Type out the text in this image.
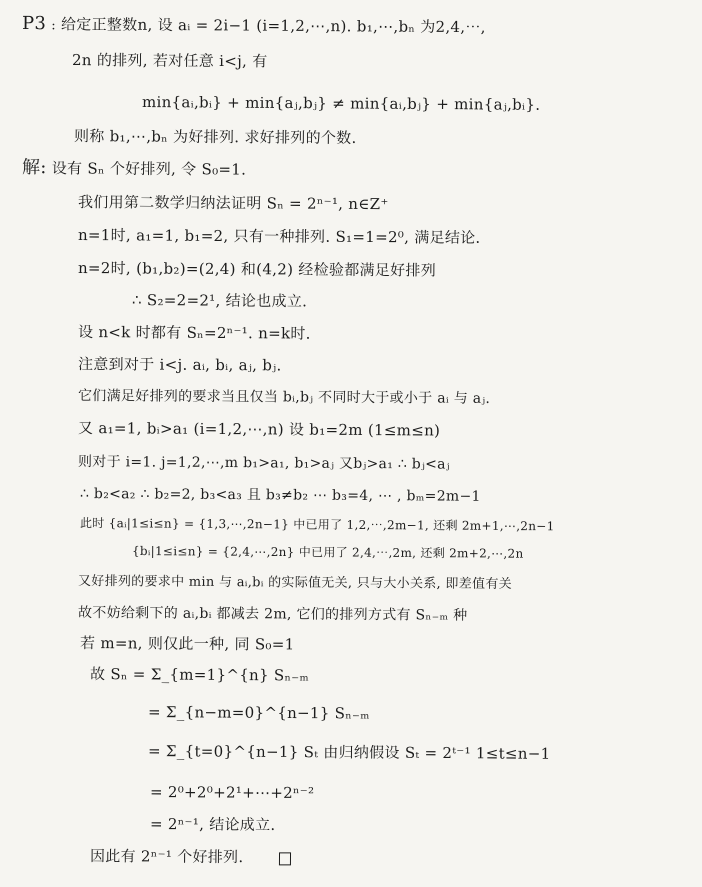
P3 : 给定正整数n, 设 aᵢ = 2i−1 (i=1,2,⋯,n). b₁,⋯,bₙ 为2,4,⋯,
2n 的排列, 若对任意 i<j, 有
min{aᵢ,bᵢ} + min{aⱼ,bⱼ} ≠ min{aᵢ,bⱼ} + min{aⱼ,bᵢ}.
则称 b₁,⋯,bₙ 为好排列. 求好排列的个数.
解: 设有 Sₙ 个好排列, 令 S₀=1.
我们用第二数学归纳法证明 Sₙ = 2ⁿ⁻¹, n∈Z⁺
n=1时, a₁=1, b₁=2, 只有一种排列. S₁=1=2⁰, 满足结论.
n=2时, (b₁,b₂)=(2,4) 和(4,2) 经检验都满足好排列
∴ S₂=2=2¹, 结论也成立.
设 n<k 时都有 Sₙ=2ⁿ⁻¹. n=k时.
注意到对于 i<j. aᵢ, bᵢ, aⱼ, bⱼ.
它们满足好排列的要求当且仅当 bᵢ,bⱼ 不同时大于或小于 aᵢ 与 aⱼ.
又 a₁=1, bᵢ>a₁ (i=1,2,⋯,n) 设 b₁=2m (1≤m≤n)
则对于 i=1. j=1,2,⋯,m b₁>a₁, b₁>aⱼ 又bⱼ>a₁ ∴ bⱼ<aⱼ
∴ b₂<a₂ ∴ b₂=2, b₃<a₃ 且 b₃≠b₂ ⋯ b₃=4, ⋯ , bₘ=2m−1
此时 {aᵢ|1≤i≤n} = {1,3,⋯,2n−1} 中已用了 1,2,⋯,2m−1, 还剩 2m+1,⋯,2n−1
{bᵢ|1≤i≤n} = {2,4,⋯,2n} 中已用了 2,4,⋯,2m, 还剩 2m+2,⋯,2n
又好排列的要求中 min 与 aᵢ,bᵢ 的实际值无关, 只与大小关系, 即差值有关
故不妨给剩下的 aᵢ,bᵢ 都减去 2m, 它们的排列方式有 Sₙ₋ₘ 种
若 m=n, 则仅此一种, 同 S₀=1
故 Sₙ = Σ_{m=1}^{n} Sₙ₋ₘ
= Σ_{n−m=0}^{n−1} Sₙ₋ₘ
= Σ_{t=0}^{n−1} Sₜ 由归纳假设 Sₜ = 2ᵗ⁻¹ 1≤t≤n−1
= 2⁰+2⁰+2¹+⋯+2ⁿ⁻²
= 2ⁿ⁻¹, 结论成立.
因此有 2ⁿ⁻¹ 个好排列.
